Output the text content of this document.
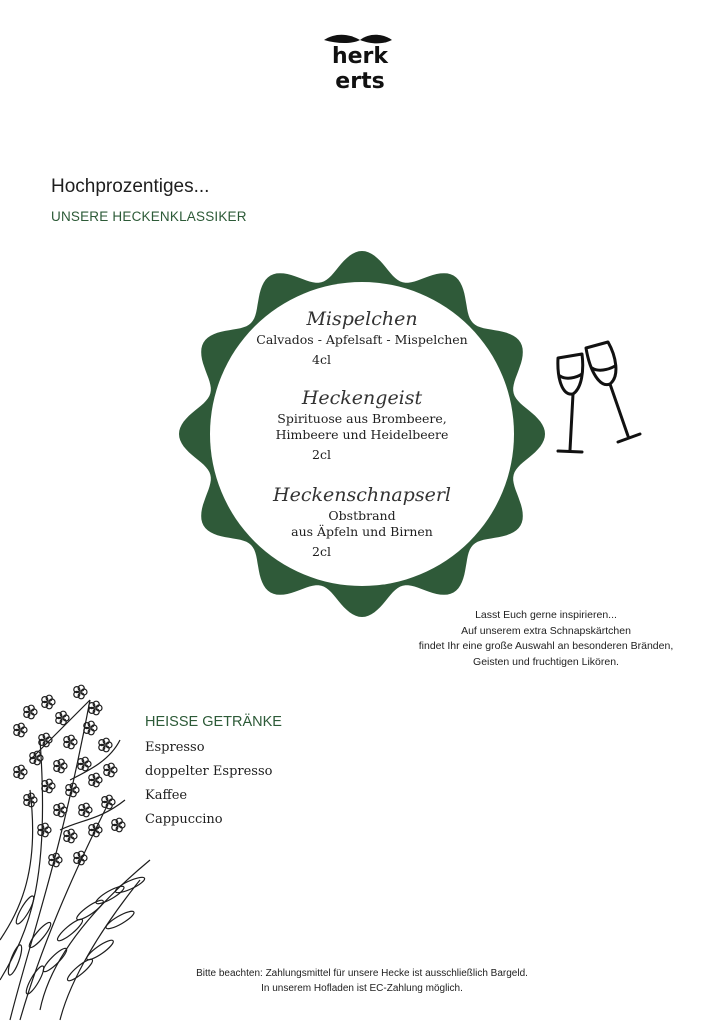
herk
erts
Hochprozentiges...
UNSERE HECKENKLASSIKER
Mispelchen
Calvados - Apfelsaft - Mispelchen
4cl
Heckengeist
Spirituose aus Brombeere,
Himbeere und Heidelbeere
2cl
Heckenschnapserl
Obstbrand
aus Äpfeln und Birnen
2cl
Lasst Euch gerne inspirieren...
Auf unserem extra Schnapskärtchen
findet Ihr eine große Auswahl an besonderen Bränden,
Geisten und fruchtigen Likören.
HEISSE GETRÄNKE
Espresso
doppelter Espresso
Kaffee
Cappuccino
Bitte beachten: Zahlungsmittel für unsere Hecke ist ausschließlich Bargeld.
In unserem Hofladen ist EC-Zahlung möglich.
